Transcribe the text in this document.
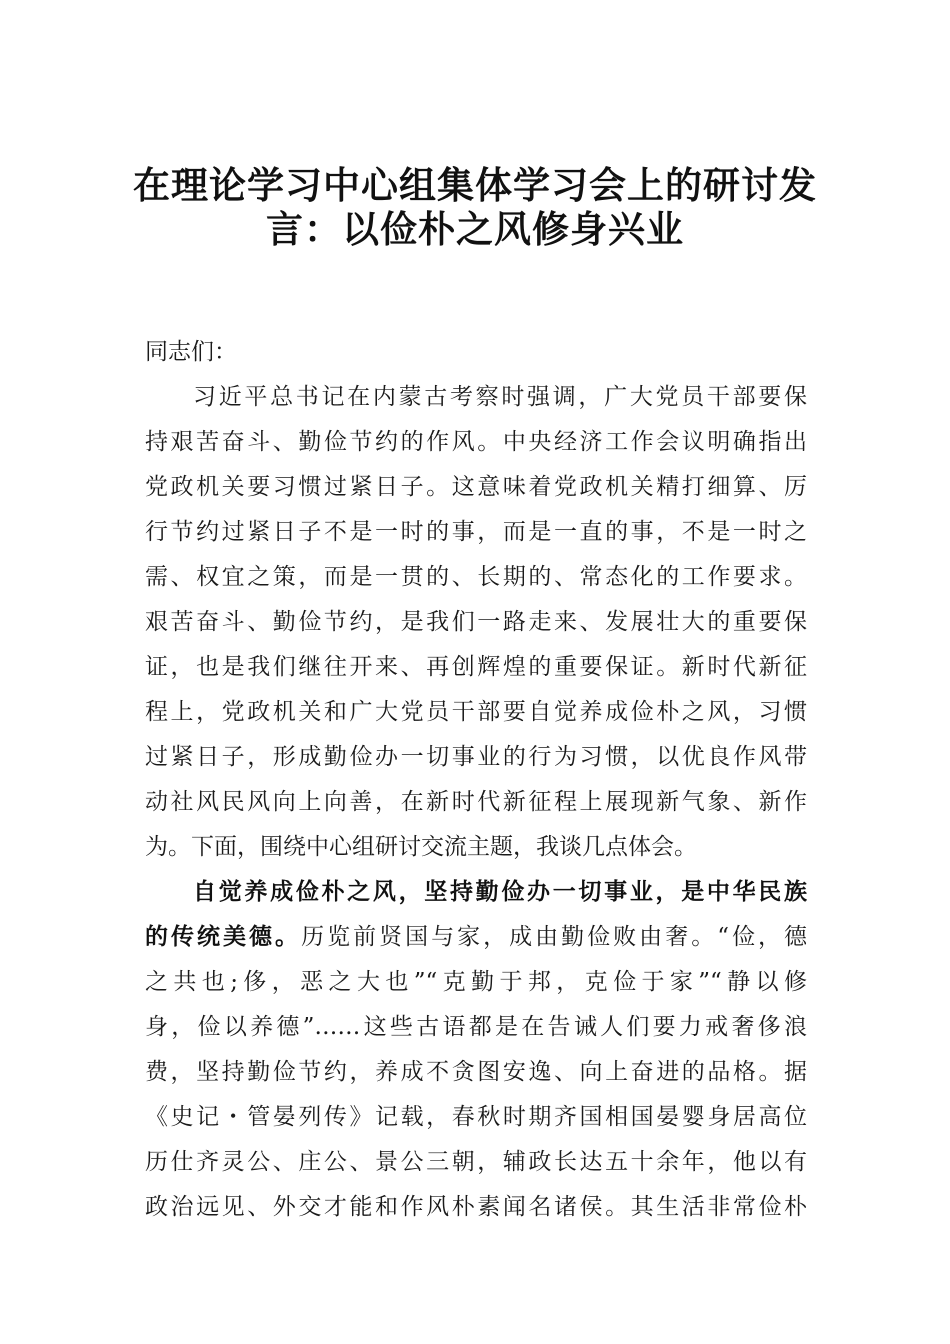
在理论学习中心组集体学习会上的研讨发
言：以俭朴之风修身兴业
同志们：
习近平总书记在内蒙古考察时强调，广大党员干部要保
持艰苦奋斗、勤俭节约的作风。中央经济工作会议明确指出
党政机关要习惯过紧日子。这意味着党政机关精打细算、厉
行节约过紧日子不是一时的事，而是一直的事，不是一时之
需、权宜之策，而是一贯的、长期的、常态化的工作要求。
艰苦奋斗、勤俭节约，是我们一路走来、发展壮大的重要保
证，也是我们继往开来、再创辉煌的重要保证。新时代新征
程上，党政机关和广大党员干部要自觉养成俭朴之风，习惯
过紧日子，形成勤俭办一切事业的行为习惯，以优良作风带
动社风民风向上向善，在新时代新征程上展现新气象、新作
为。下面，围绕中心组研讨交流主题，我谈几点体会。
自觉养成俭朴之风，坚持勤俭办一切事业，是中华民族
的传统美德。历览前贤国与家，成由勤俭败由奢。“俭，德
之共也;侈，恶之大也”“克勤于邦，克俭于家”“静以修
身，俭以养德”……这些古语都是在告诫人们要力戒奢侈浪
费，坚持勤俭节约，养成不贪图安逸、向上奋进的品格。据
《史记・管晏列传》记载，春秋时期齐国相国晏婴身居高位
历仕齐灵公、庄公、景公三朝，辅政长达五十余年，他以有
政治远见、外交才能和作风朴素闻名诸侯。其生活非常俭朴
